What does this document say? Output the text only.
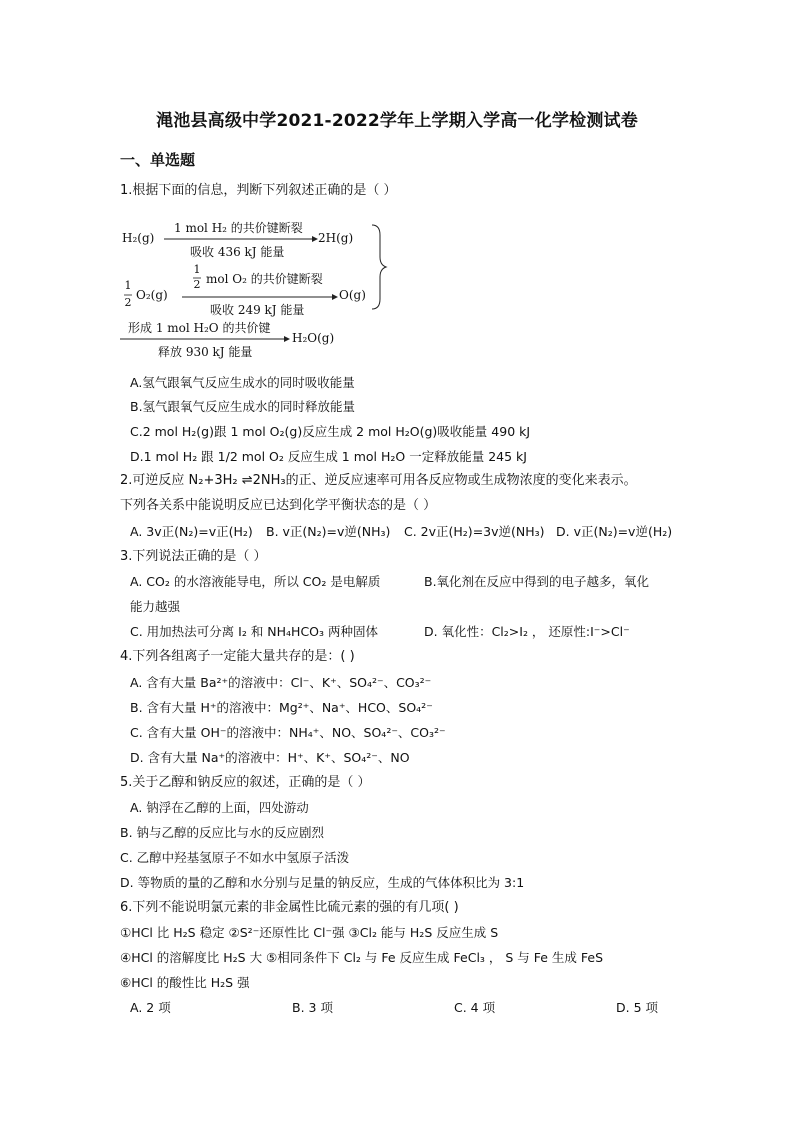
渑池县高级中学2021-2022学年上学期入学高一化学检测试卷
一、单选题
1.根据下面的信息，判断下列叙述正确的是（ ）
H₂(g)
1 mol H₂ 的共价键断裂
吸收 436 kJ 能量
2H(g)
1
2
O₂(g)
1
2 mol O₂ 的共价键断裂
吸收 249 kJ 能量
O(g)
形成 1 mol H₂O 的共价键
释放 930 kJ 能量
H₂O(g)
A.氢气跟氧气反应生成水的同时吸收能量
B.氢气跟氧气反应生成水的同时释放能量
C.2 mol H₂(g)跟 1 mol O₂(g)反应生成 2 mol H₂O(g)吸收能量 490 kJ
D.1 mol H₂ 跟 1/2 mol O₂ 反应生成 1 mol H₂O 一定释放能量 245 kJ
2.可逆反应 N₂+3H₂ ⇌2NH₃的正、逆反应速率可用各反应物或生成物浓度的变化来表示。
下列各关系中能说明反应已达到化学平衡状态的是（ ）
A. 3v正(N₂)=v正(H₂) B. v正(N₂)=v逆(NH₃) C. 2v正(H₂)=3v逆(NH₃) D. v正(N₂)=v逆(H₂)
3.下列说法正确的是（ ）
A. CO₂ 的水溶液能导电，所以 CO₂ 是电解质	B.氧化剂在反应中得到的电子越多，氧化
能力越强
C. 用加热法可分离 I₂ 和 NH₄HCO₃ 两种固体	D. 氧化性：Cl₂>I₂ ， 还原性:I⁻>Cl⁻
4.下列各组离子一定能大量共存的是：( )
A. 含有大量 Ba²⁺的溶液中：Cl⁻、K⁺、SO₄²⁻、CO₃²⁻
B. 含有大量 H⁺的溶液中：Mg²⁺、Na⁺、HCO、SO₄²⁻
C. 含有大量 OH⁻的溶液中：NH₄⁺、NO、SO₄²⁻、CO₃²⁻
D. 含有大量 Na⁺的溶液中：H⁺、K⁺、SO₄²⁻、NO
5.关于乙醇和钠反应的叙述，正确的是（ ）
A. 钠浮在乙醇的上面，四处游动
B. 钠与乙醇的反应比与水的反应剧烈
C. 乙醇中羟基氢原子不如水中氢原子活泼
D. 等物质的量的乙醇和水分别与足量的钠反应，生成的气体体积比为 3:1
6.下列不能说明氯元素的非金属性比硫元素的强的有几项( )
①HCl 比 H₂S 稳定 ②S²⁻还原性比 Cl⁻强 ③Cl₂ 能与 H₂S 反应生成 S
④HCl 的溶解度比 H₂S 大 ⑤相同条件下 Cl₂ 与 Fe 反应生成 FeCl₃ ， S 与 Fe 生成 FeS
⑥HCl 的酸性比 H₂S 强
A. 2 项	B. 3 项	C. 4 项	D. 5 项
